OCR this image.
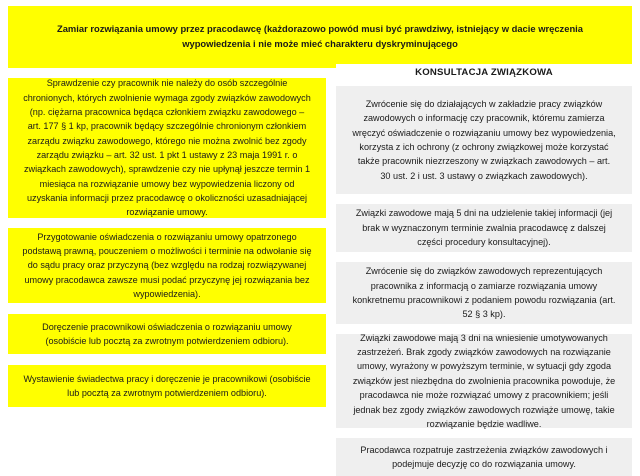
Zamiar rozwiązania umowy przez pracodawcę (każdorazowo powód musi być prawdziwy, istniejący w dacie wręczenia wypowiedzenia i nie może mieć charakteru dyskryminującego
Sprawdzenie czy pracownik nie należy do osób szczególnie chronionych, których zwolnienie wymaga zgody związków zawodowych (np. ciężarna pracownica będąca członkiem związku zawodowego – art. 177 § 1 kp, pracownik będący szczególnie chronionym członkiem zarządu związku zawodowego, którego nie można zwolnić bez zgody zarządu związku – art. 32 ust. 1 pkt 1 ustawy z 23 maja 1991 r. o związkach zawodowych), sprawdzenie czy nie upłynął jeszcze termin 1 miesiąca na rozwiązanie umowy bez wypowiedzenia liczony od uzyskania informacji przez pracodawcę o okoliczności uzasadniającej rozwiązanie umowy.
Przygotowanie oświadczenia o rozwiązaniu umowy opatrzonego podstawą prawną, pouczeniem o możliwości i terminie na odwołanie się do sądu pracy oraz przyczyną (bez względu na rodzaj rozwiązywanej umowy pracodawca zawsze musi podać przyczynę jej rozwiązania bez wypowiedzenia).
Doręczenie pracownikowi oświadczenia o rozwiązaniu umowy (osobiście lub pocztą za zwrotnym potwierdzeniem odbioru).
Wystawienie świadectwa pracy i doręczenie je pracownikowi (osobiście lub pocztą za zwrotnym potwierdzeniem odbioru).
KONSULTACJA ZWIĄZKOWA
Zwrócenie się do działających w zakładzie pracy związków zawodowych o informację czy pracownik, któremu zamierza wręczyć oświadczenie o rozwiązaniu umowy bez wypowiedzenia, korzysta z ich ochrony (z ochrony związkowej może korzystać także pracownik niezrzeszony w związkach zawodowych – art. 30 ust. 2 i ust. 3 ustawy o związkach zawodowych).
Związki zawodowe mają 5 dni na udzielenie takiej informacji (jej brak w wyznaczonym terminie zwalnia pracodawcę z dalszej części procedury konsultacyjnej).
Zwrócenie się do związków zawodowych reprezentujących pracownika z informacją o zamiarze rozwiązania umowy konkretnemu pracownikowi z podaniem powodu rozwiązania (art. 52 § 3 kp).
Związki zawodowe mają 3 dni na wniesienie umotywowanych zastrzeżeń. Brak zgody związków zawodowych na rozwiązanie umowy, wyrażony w powyższym terminie, w sytuacji gdy zgoda związków jest niezbędna do zwolnienia pracownika powoduje, że pracodawca nie może rozwiązać umowy z pracownikiem; jeśli jednak bez zgody związków zawodowych rozwiąże umowę, takie rozwiązanie będzie wadliwe.
Pracodawca rozpatruje zastrzeżenia związków zawodowych i podejmuje decyzję co do rozwiązania umowy.
